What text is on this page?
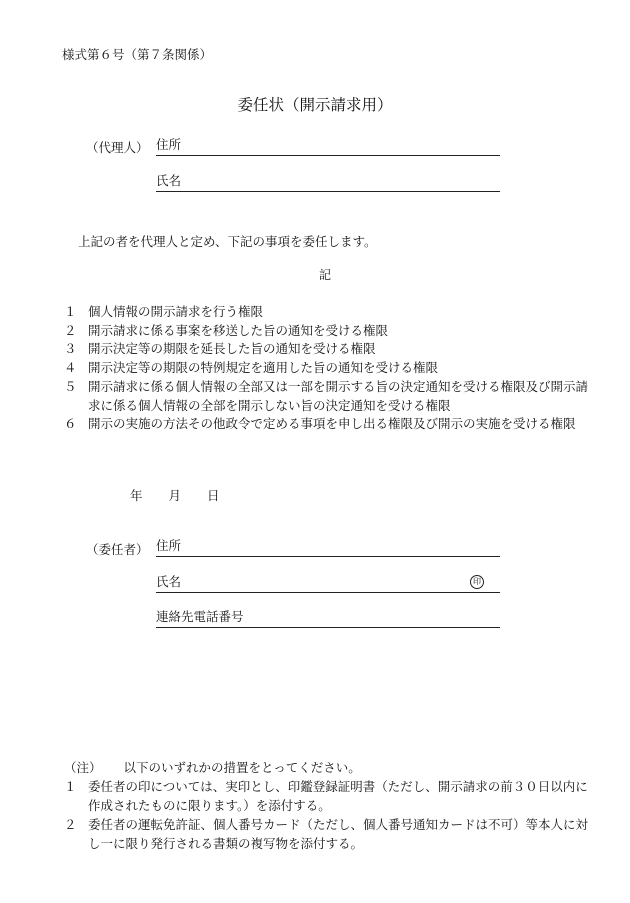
様式第６号（第７条関係）
委任状（開示請求用）
（代理人） 住所
氏名
上記の者を代理人と定め、下記の事項を委任します。
記
１ 個人情報の開示請求を行う権限
２ 開示請求に係る事案を移送した旨の通知を受ける権限
３ 開示決定等の期限を延長した旨の通知を受ける権限
４ 開示決定等の期限の特例規定を適用した旨の通知を受ける権限
５ 開示請求に係る個人情報の全部又は一部を開示する旨の決定通知を受ける権限及び開示請求に係る個人情報の全部を開示しない旨の決定通知を受ける権限
６ 開示の実施の方法その他政令で定める事項を申し出る権限及び開示の実施を受ける権限
年 月 日
（委任者） 住所
氏名	印
連絡先電話番号
（注） 以下のいずれかの措置をとってください。
１ 委任者の印については、実印とし、印鑑登録証明書（ただし、開示請求の前３０日以内に作成されたものに限ります。）を添付する。
２ 委任者の運転免許証、個人番号カード（ただし、個人番号通知カードは不可）等本人に対し一に限り発行される書類の複写物を添付する。
